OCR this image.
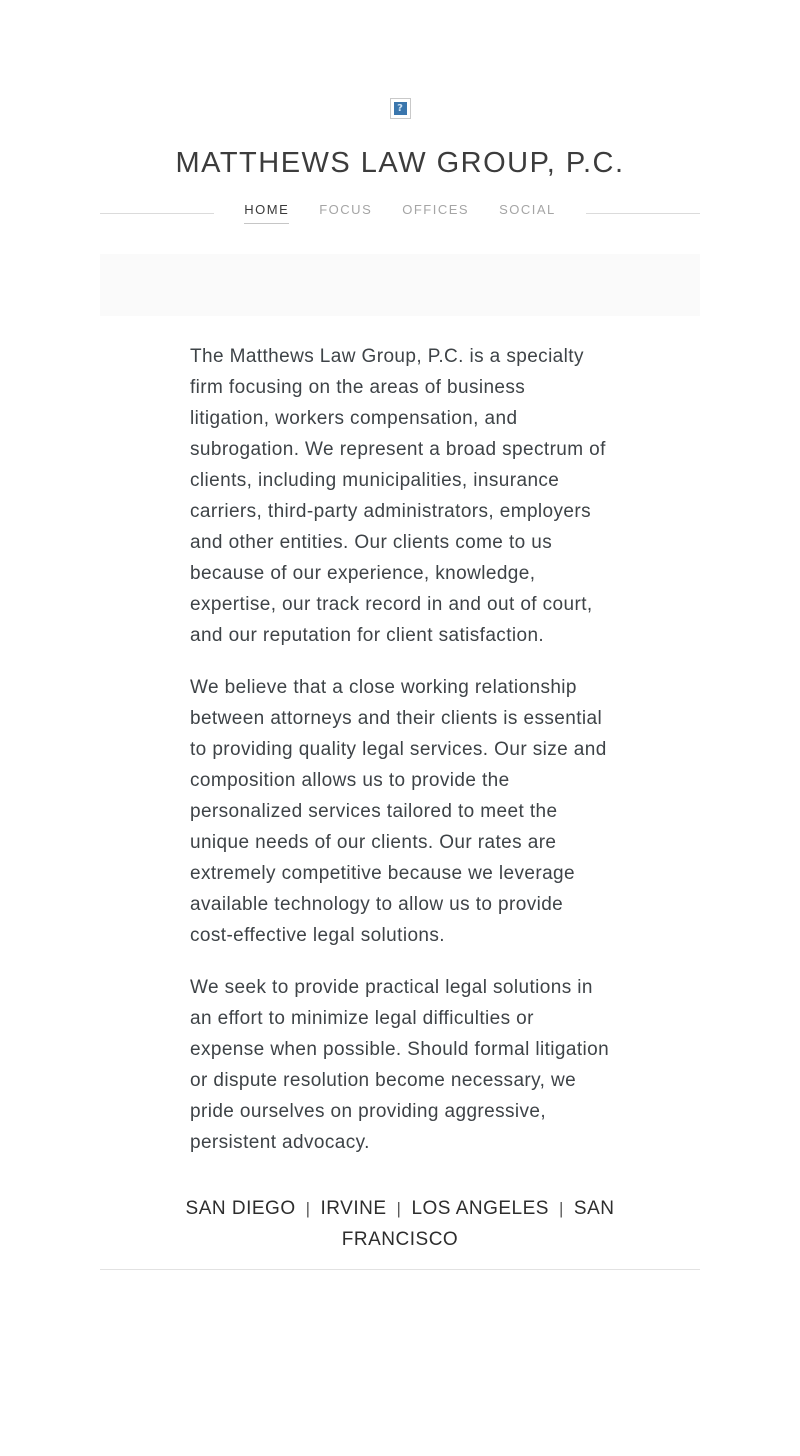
?
MATTHEWS LAW GROUP, P.C.
HOME FOCUS OFFICES SOCIAL

The Matthews Law Group, P.C. is a specialty firm focusing on the areas of business litigation, workers compensation, and subrogation. We represent a broad spectrum of clients, including municipalities, insurance carriers, third-party administrators, employers and other entities. Our clients come to us because of our experience, knowledge, expertise, our track record in and out of court, and our reputation for client satisfaction.

We believe that a close working relationship between attorneys and their clients is essential to providing quality legal services. Our size and composition allows us to provide the personalized services tailored to meet the unique needs of our clients. Our rates are extremely competitive because we leverage available technology to allow us to provide cost-effective legal solutions.

We seek to provide practical legal solutions in an effort to minimize legal difficulties or expense when possible. Should formal litigation or dispute resolution become necessary, we pride ourselves on providing aggressive, persistent advocacy.

SAN DIEGO | IRVINE | LOS ANGELES | SAN FRANCISCO
